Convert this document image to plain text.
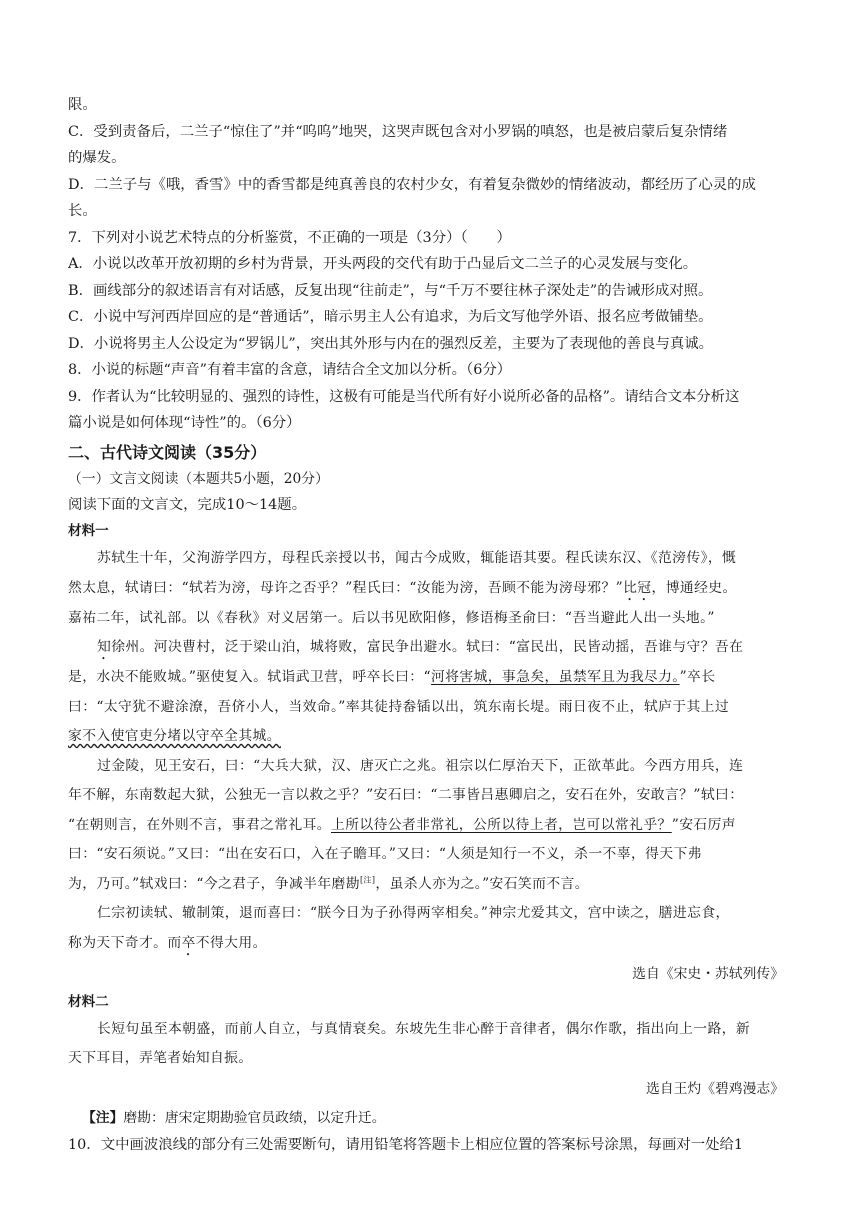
限。
C．受到责备后，二兰子“惊住了”并“呜呜”地哭，这哭声既包含对小罗锅的嗔怒，也是被启蒙后复杂情绪
的爆发。
D．二兰子与《哦，香雪》中的香雪都是纯真善良的农村少女，有着复杂微妙的情绪波动，都经历了心灵的成
长。
7．下列对小说艺术特点的分析鉴赏，不正确的一项是（3分）（　　）
A．小说以改革开放初期的乡村为背景，开头两段的交代有助于凸显后文二兰子的心灵发展与变化。
B．画线部分的叙述语言有对话感，反复出现“往前走”，与“千万不要往林子深处走”的告诫形成对照。
C．小说中写河西岸回应的是“普通话”，暗示男主人公有追求，为后文写他学外语、报名应考做铺垫。
D．小说将男主人公设定为“罗锅儿”，突出其外形与内在的强烈反差，主要为了表现他的善良与真诚。
8．小说的标题“声音”有着丰富的含意，请结合全文加以分析。（6分）
9．作者认为“比较明显的、强烈的诗性，这极有可能是当代所有好小说所必备的品格”。请结合文本分析这
篇小说是如何体现“诗性”的。（6分）
二、古代诗文阅读（35分）
（一）文言文阅读（本题共5小题，20分）
阅读下面的文言文，完成10～14题。
材料一
苏轼生十年，父洵游学四方，母程氏亲授以书，闻古今成败，辄能语其要。程氏读东汉、《范滂传》，慨
然太息，轼请曰：“轼若为滂，母许之否乎？”程氏曰：“汝能为滂，吾顾不能为滂母邪？”比冠，博通经史。
嘉祐二年，试礼部。以《春秋》对义居第一。后以书见欧阳修，修语梅圣俞曰：“吾当避此人出一头地。”
知徐州。河决曹村，泛于梁山泊，城将败，富民争出避水。轼曰：“富民出，民皆动摇，吾谁与守？吾在
是，水决不能败城。”驱使复入。轼诣武卫营，呼卒长曰：“河将害城，事急矣，虽禁军且为我尽力。”卒长
曰：“太守犹不避涂潦，吾侪小人，当效命。”率其徒持畚锸以出，筑东南长堤。雨日夜不止，轼庐于其上过
家不入使官吏分堵以守卒全其城。
过金陵，见王安石，曰：“大兵大狱，汉、唐灭亡之兆。祖宗以仁厚治天下，正欲革此。今西方用兵，连
年不解，东南数起大狱，公独无一言以救之乎？”安石曰：“二事皆吕惠卿启之，安石在外，安敢言？”轼曰：
“在朝则言，在外则不言，事君之常礼耳。上所以待公者非常礼，公所以待上者，岂可以常礼乎？”安石厉声
曰：“安石须说。”又曰：“出在安石口，入在子瞻耳。”又曰：“人须是知行一不义，杀一不辜，得天下弗
为，乃可。”轼戏曰：“今之君子，争减半年磨勘[注]，虽杀人亦为之。”安石笑而不言。
仁宗初读轼、辙制策，退而喜曰：“朕今日为子孙得两宰相矣。”神宗尤爱其文，宫中读之，膳进忘食，
称为天下奇才。而卒不得大用。
选自《宋史・苏轼列传》
材料二
长短句虽至本朝盛，而前人自立，与真情衰矣。东坡先生非心醉于音律者，偶尔作歌，指出向上一路，新
天下耳目，弄笔者始知自振。
选自王灼《碧鸡漫志》
【注】磨勘：唐宋定期勘验官员政绩，以定升迁。
10．文中画波浪线的部分有三处需要断句，请用铅笔将答题卡上相应位置的答案标号涂黑，每画对一处给1
